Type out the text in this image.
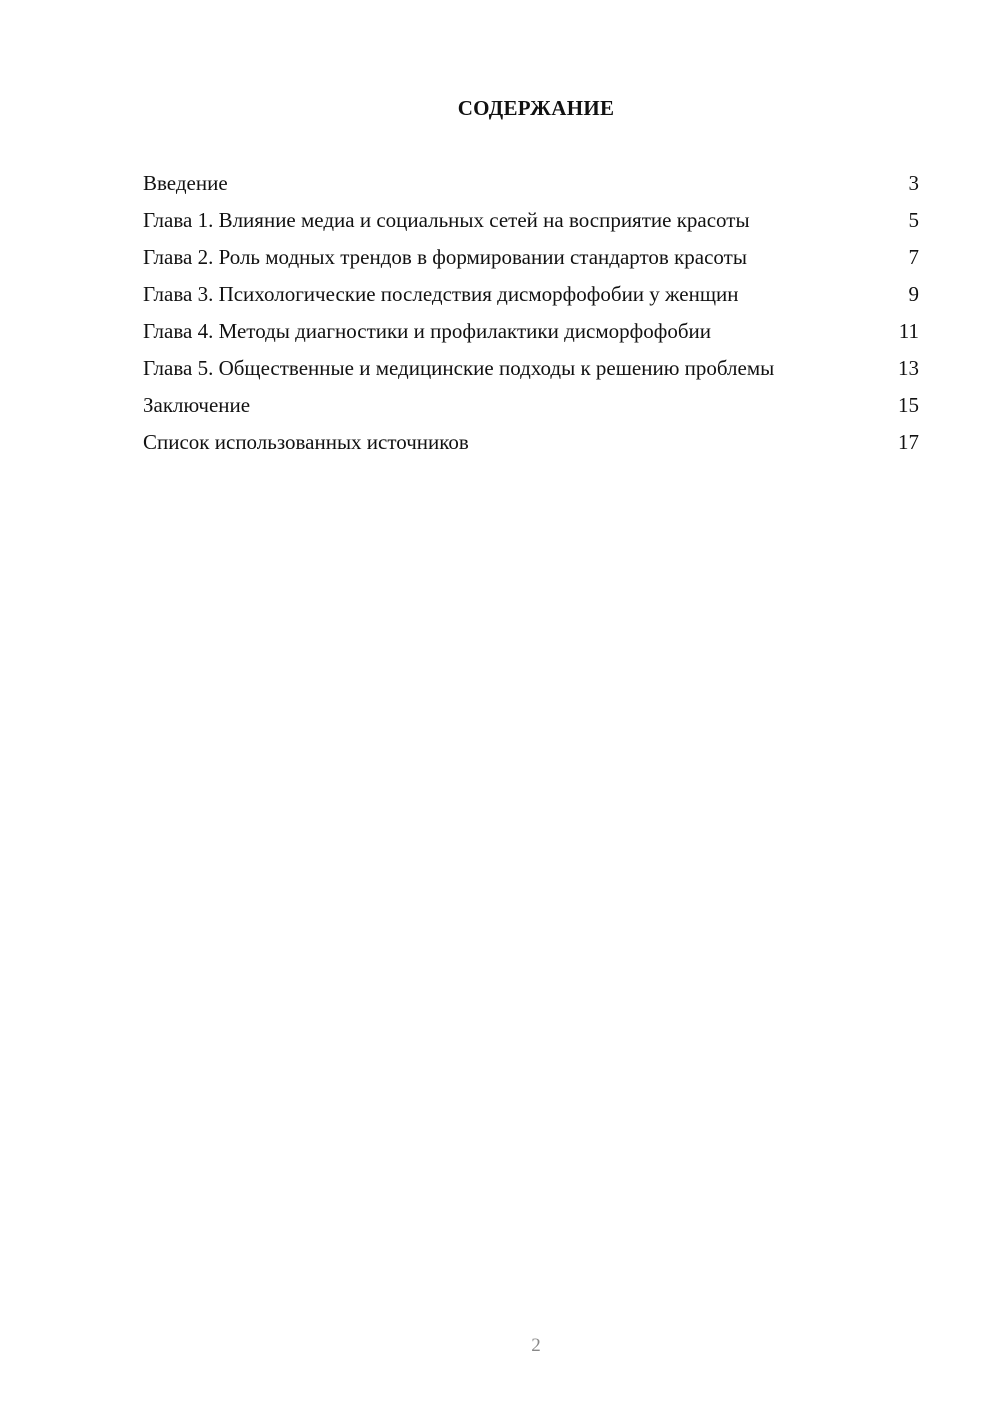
СОДЕРЖАНИЕ
Введение	3
Глава 1. Влияние медиа и социальных сетей на восприятие красоты	5
Глава 2. Роль модных трендов в формировании стандартов красоты	7
Глава 3. Психологические последствия дисморфофобии у женщин	9
Глава 4. Методы диагностики и профилактики дисморфофобии	11
Глава 5. Общественные и медицинские подходы к решению проблемы	13
Заключение	15
Список использованных источников	17
2
